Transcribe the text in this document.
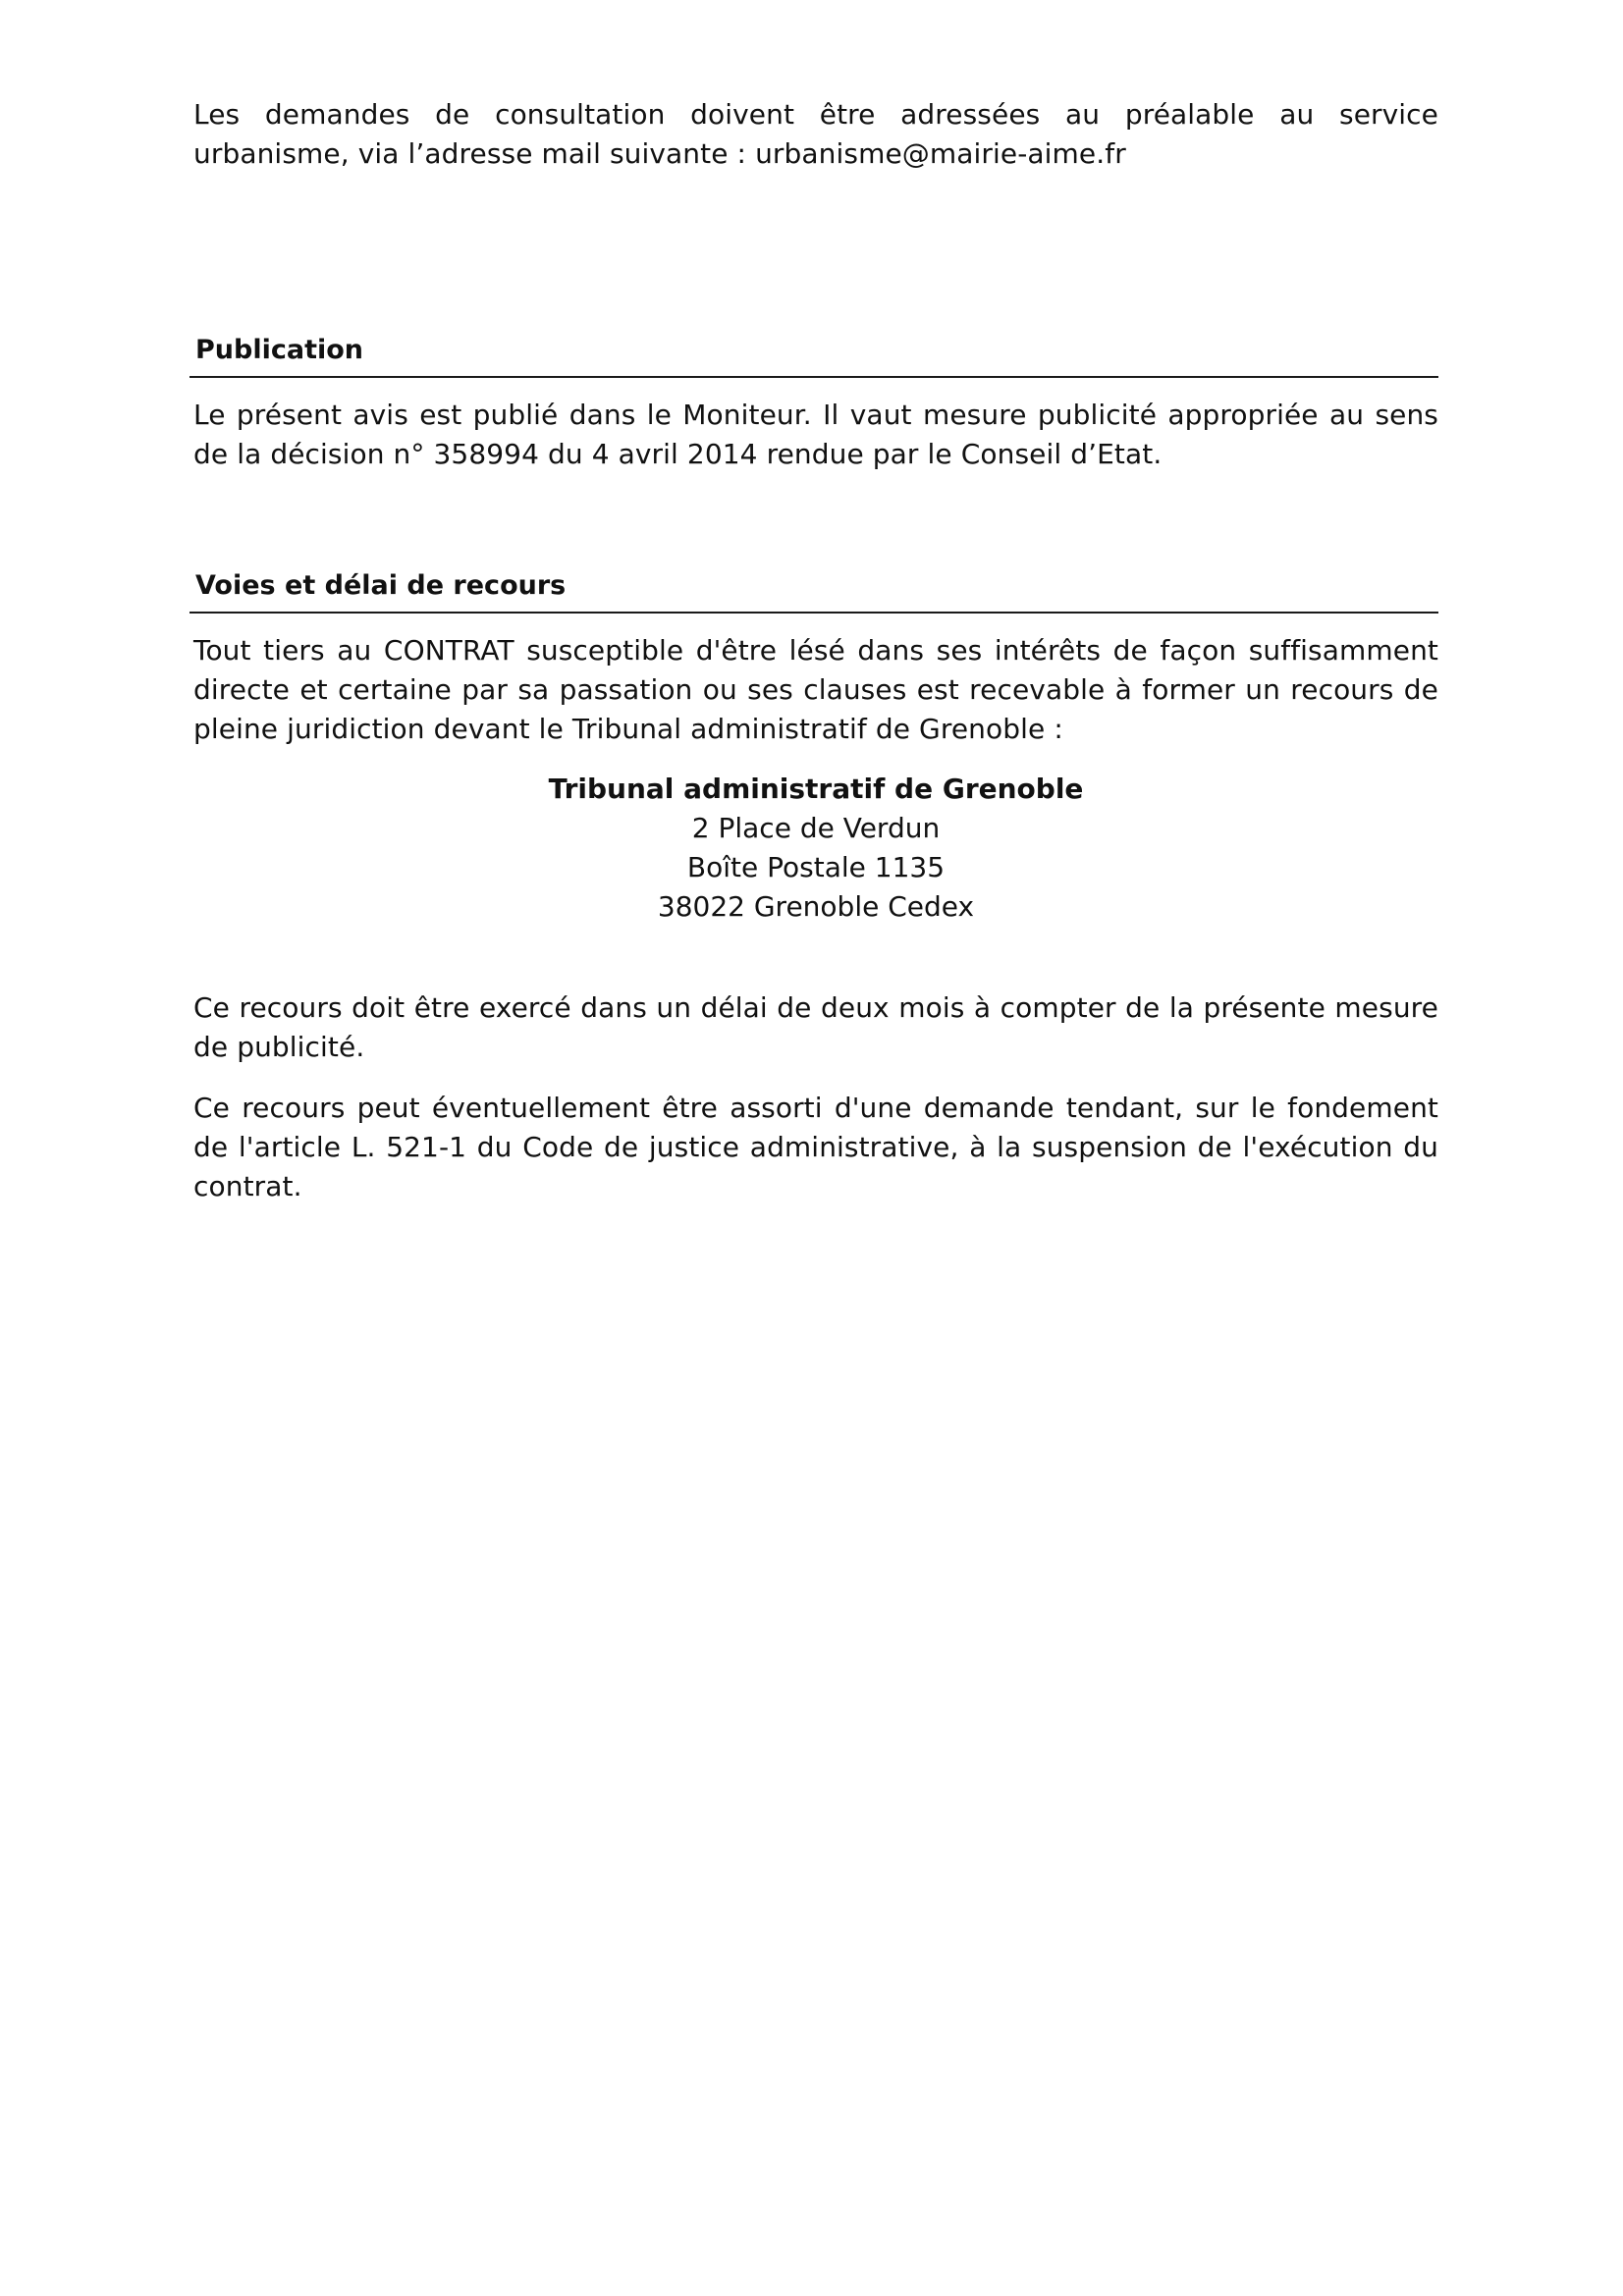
Les demandes de consultation doivent être adressées au préalable au service urbanisme, via l’adresse mail suivante : urbanisme@mairie-aime.fr

Publication

Le présent avis est publié dans le Moniteur. Il vaut mesure publicité appropriée au sens de la décision n° 358994 du 4 avril 2014 rendue par le Conseil d’Etat.

Voies et délai de recours

Tout tiers au CONTRAT susceptible d'être lésé dans ses intérêts de façon suffisamment directe et certaine par sa passation ou ses clauses est recevable à former un recours de pleine juridiction devant le Tribunal administratif de Grenoble :

Tribunal administratif de Grenoble
2 Place de Verdun
Boîte Postale 1135
38022 Grenoble Cedex

Ce recours doit être exercé dans un délai de deux mois à compter de la présente mesure de publicité.

Ce recours peut éventuellement être assorti d'une demande tendant, sur le fondement de l'article L. 521-1 du Code de justice administrative, à la suspension de l'exécution du contrat.
